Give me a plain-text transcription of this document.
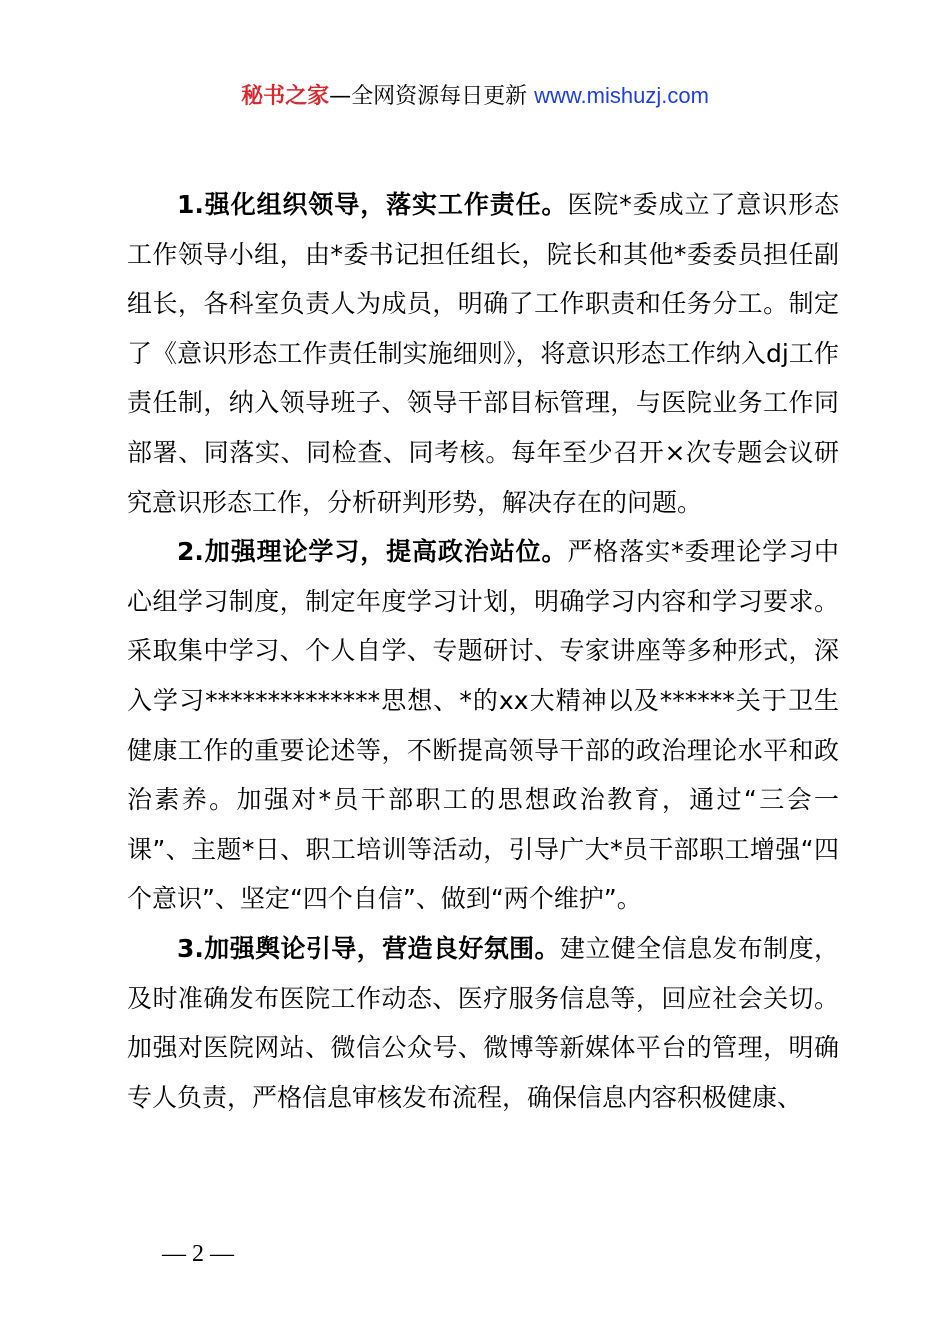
秘书之家—全网资源每日更新 www.mishuzj.com

1.强化组织领导，落实工作责任。医院*委成立了意识形态工作领导小组，由*委书记担任组长，院长和其他*委委员担任副组长，各科室负责人为成员，明确了工作职责和任务分工。制定了《意识形态工作责任制实施细则》，将意识形态工作纳入dj工作责任制，纳入领导班子、领导干部目标管理，与医院业务工作同部署、同落实、同检查、同考核。每年至少召开×次专题会议研究意识形态工作，分析研判形势，解决存在的问题。

2.加强理论学习，提高政治站位。严格落实*委理论学习中心组学习制度，制定年度学习计划，明确学习内容和学习要求。采取集中学习、个人自学、专题研讨、专家讲座等多种形式，深入学习**************思想、*的xx大精神以及******关于卫生健康工作的重要论述等，不断提高领导干部的政治理论水平和政治素养。加强对*员干部职工的思想政治教育，通过“三会一课”、主题*日、职工培训等活动，引导广大*员干部职工增强“四个意识”、坚定“四个自信”、做到“两个维护”。

3.加强舆论引导，营造良好氛围。建立健全信息发布制度，及时准确发布医院工作动态、医疗服务信息等，回应社会关切。加强对医院网站、微信公众号、微博等新媒体平台的管理，明确专人负责，严格信息审核发布流程，确保信息内容积极健康、

— 2 —
